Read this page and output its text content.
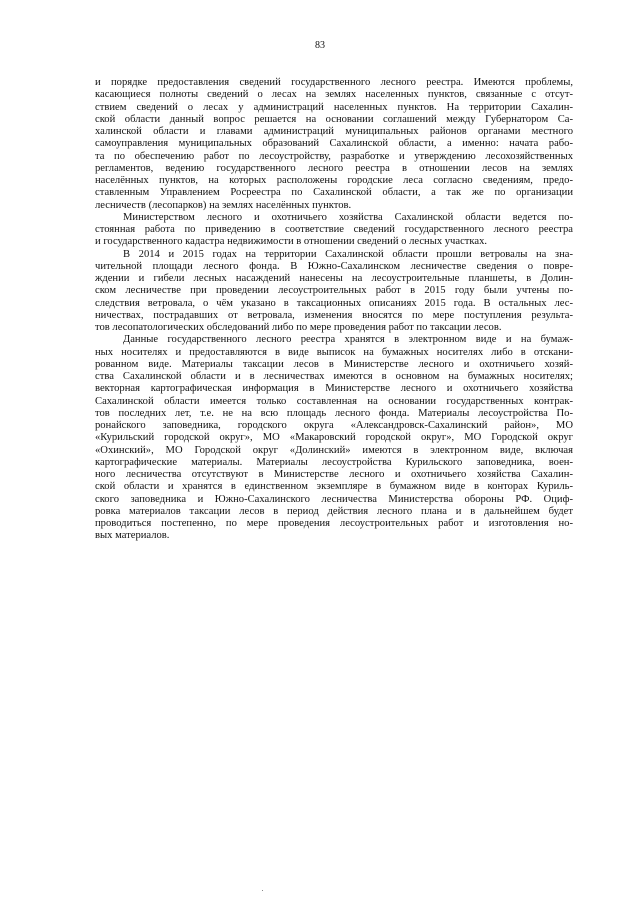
83

и порядке предоставления сведений государственного лесного реестра. Имеются проблемы,
касающиеся полноты сведений о лесах на землях населенных пунктов, связанные с отсут-
ствием сведений о лесах у администраций населенных пунктов. На территории Сахалин-
ской области данный вопрос решается на основании соглашений между Губернатором Са-
халинской области и главами администраций муниципальных районов органами местного
самоуправления муниципальных образований Сахалинской области, а именно: начата рабо-
та по обеспечению работ по лесоустройству, разработке и утверждению лесохозяйственных
регламентов, ведению государственного лесного реестра в отношении лесов на землях
населённых пунктов, на которых расположены городские леса согласно сведениям, предо-
ставленным Управлением Росреестра по Сахалинской области, а так же по организации
лесничеств (лесопарков) на землях населённых пунктов.

Министерством лесного и охотничьего хозяйства Сахалинской области ведется по-
стоянная работа по приведению в соответствие сведений государственного лесного реестра
и государственного кадастра недвижимости в отношении сведений о лесных участках.

В 2014 и 2015 годах на территории Сахалинской области прошли ветровалы на зна-
чительной площади лесного фонда. В Южно-Сахалинском лесничестве сведения о повре-
ждении и гибели лесных насаждений нанесены на лесоустроительные планшеты, в Долин-
ском лесничестве при проведении лесоустроительных работ в 2015 году были учтены по-
следствия ветровала, о чём указано в таксационных описаниях 2015 года. В остальных лес-
ничествах, пострадавших от ветровала, изменения вносятся по мере поступления результа-
тов лесопатологических обследований либо по мере проведения работ по таксации лесов.

Данные государственного лесного реестра хранятся в электронном виде и на бумаж-
ных носителях и предоставляются в виде выписок на бумажных носителях либо в отскани-
рованном виде. Материалы таксации лесов в Министерстве лесного и охотничьего хозяй-
ства Сахалинской области и в лесничествах имеются в основном на бумажных носителях;
векторная картографическая информация в Министерстве лесного и охотничьего хозяйства
Сахалинской области имеется только составленная на основании государственных контрак-
тов последних лет, т.е. не на всю площадь лесного фонда. Материалы лесоустройства По-
ронайского заповедника, городского округа «Александровск-Сахалинский район», МО
«Курильский городской округ», МО «Макаровский городской округ», МО Городской округ
«Охинский», МО Городской округ «Долинский» имеются в электронном виде, включая
картографические материалы. Материалы лесоустройства Курильского заповедника, воен-
ного лесничества отсутствуют в Министерстве лесного и охотничьего хозяйства Сахалин-
ской области и хранятся в единственном экземпляре в бумажном виде в конторах Куриль-
ского заповедника и Южно-Сахалинского лесничества Министерства обороны РФ. Оциф-
ровка материалов таксации лесов в период действия лесного плана и в дальнейшем будет
проводиться постепенно, по мере проведения лесоустроительных работ и изготовления но-
вых материалов.
